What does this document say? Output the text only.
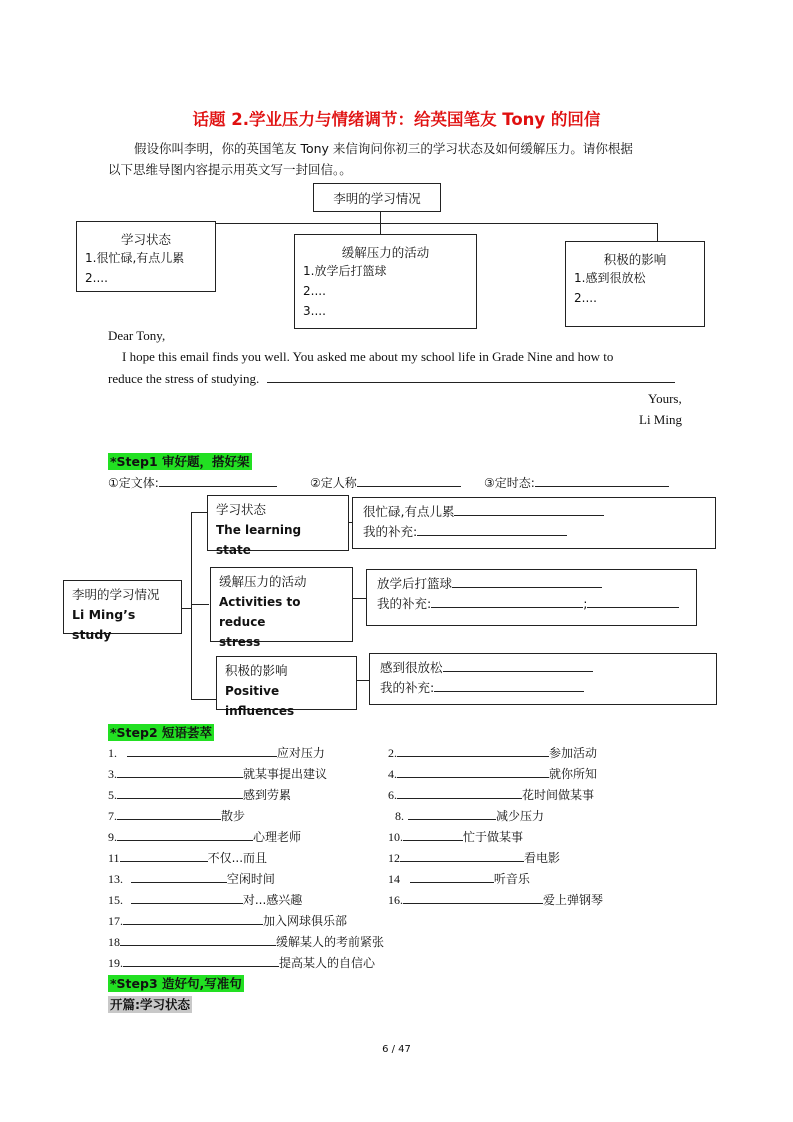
话题 2.学业压力与情绪调节：给英国笔友 Tony 的回信
假设你叫李明，你的英国笔友 Tony 来信询问你初三的学习状态及如何缓解压力。请你根据
以下思维导图内容提示用英文写一封回信。。
李明的学习情况
学习状态
1.很忙碌,有点儿累
2....
缓解压力的活动
1.放学后打篮球
2....
3....
积极的影响
1.感到很放松
2....
Dear Tony,
I hope this email finds you well. You asked me about my school life in Grade Nine and how to
reduce the stress of studying.
Yours,
Li Ming
*Step1 审好题，搭好架
①定文体:	②定人称	③定时态:
李明的学习情况
Li Ming’s study
学习状态
The learning state
很忙碌,有点儿累
我的补充:
缓解压力的活动
Activities to reduce
stress
放学后打篮球
我的补充:	;
积极的影响
Positive influences
感到很放松
我的补充:
*Step2 短语荟萃
1.	应对压力	2.	参加活动
3.	就某事提出建议	4.	就你所知
5.	感到劳累	6.	花时间做某事
7.	散步	8.	减少压力
9.	心理老师	10.	忙于做某事
11	不仅...而且	12	看电影
13.	空闲时间	14	听音乐
15.	对...感兴趣	16.	爱上弹钢琴
17.	加入网球俱乐部
18	缓解某人的考前紧张
19.	提高某人的自信心
*Step3 造好句,写准句
开篇:学习状态
6 / 47
